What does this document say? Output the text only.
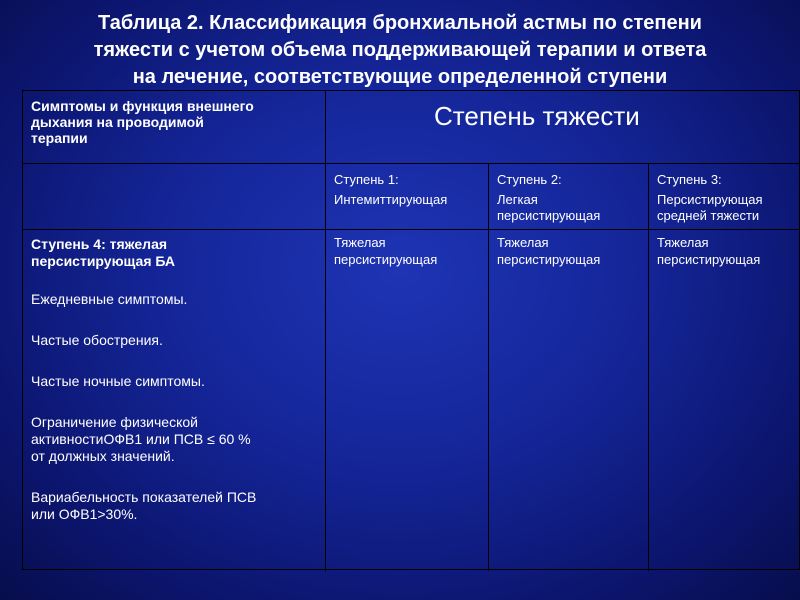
Таблица 2. Классификация бронхиальной астмы по степени
тяжести с учетом объема поддерживающей терапии и ответа
на лечение, соответствующие определенной ступени
Симптомы и функция внешнего
дыхания на проводимой
терапии
Степень тяжести
Ступень 1:
Интемиттирующая
Ступень 2:
Легкая
персистирующая
Ступень 3:
Персистирующая
средней тяжести
Ступень 4: тяжелая
персистирующая БА
Ежедневные симптомы.
Частые обострения.
Частые ночные симптомы.
Ограничение физической
активностиОФВ1 или ПСВ ≤ 60 %
от должных значений.
Вариабельность показателей ПСВ
или ОФВ1>30%.
Тяжелая
персистирующая
Тяжелая
персистирующая
Тяжелая
персистирующая
